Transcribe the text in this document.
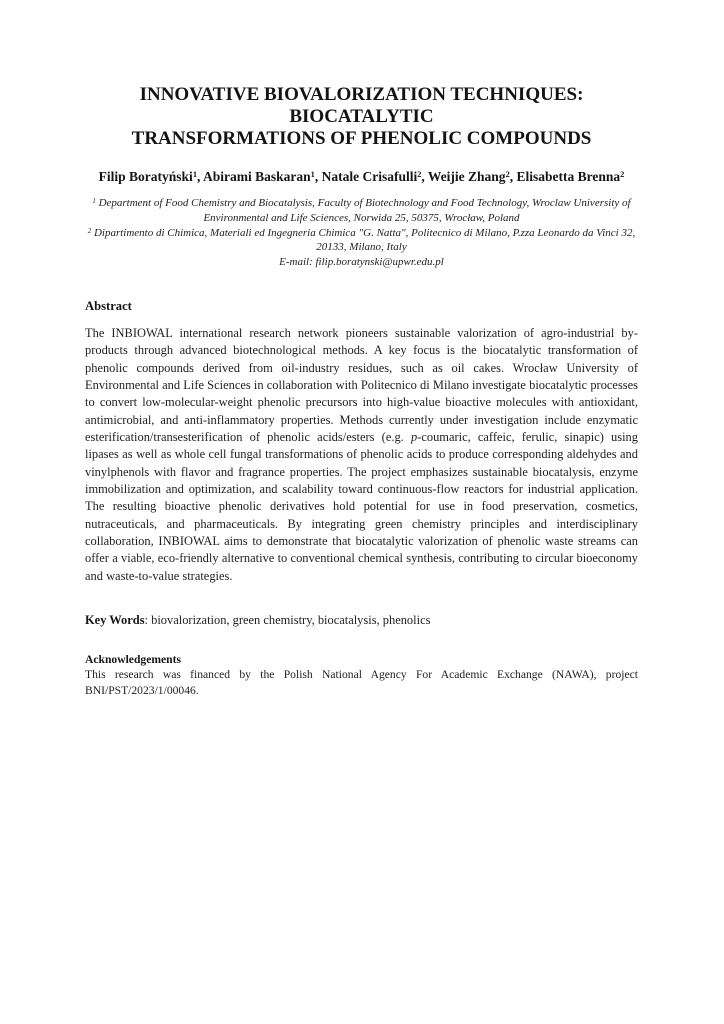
INNOVATIVE BIOVALORIZATION TECHNIQUES: BIOCATALYTIC
TRANSFORMATIONS OF PHENOLIC COMPOUNDS

Filip Boratyński$^1$, Abirami Baskaran$^1$, Natale Crisafulli$^2$, Weijie Zhang$^2$, Elisabetta Brenna$^2$

$^1$ Department of Food Chemistry and Biocatalysis, Faculty of Biotechnology and Food Technology, Wroclaw University of Environmental and Life Sciences, Norwida 25, 50375, Wrocław, Poland

$^2$ Dipartimento di Chimica, Materiali ed Ingegneria Chimica "G. Natta", Politecnico di Milano, P.zza Leonardo da Vinci 32, 20133, Milano, Italy

E-mail: filip.boratynski@upwr.edu.pl

Abstract

The INBIOWAL international research network pioneers sustainable valorization of agro-industrial by-products through advanced biotechnological methods. A key focus is the biocatalytic transformation of phenolic compounds derived from oil-industry residues, such as oil cakes. Wrocław University of Environmental and Life Sciences in collaboration with Politecnico di Milano investigate biocatalytic processes to convert low-molecular-weight phenolic precursors into high-value bioactive molecules with antioxidant, antimicrobial, and anti-inflammatory properties. Methods currently under investigation include enzymatic esterification/transesterification of phenolic acids/esters (e.g. p-coumaric, caffeic, ferulic, sinapic) using lipases as well as whole cell fungal transformations of phenolic acids to produce corresponding aldehydes and vinylphenols with flavor and fragrance properties. The project emphasizes sustainable biocatalysis, enzyme immobilization and optimization, and scalability toward continuous-flow reactors for industrial application. The resulting bioactive phenolic derivatives hold potential for use in food preservation, cosmetics, nutraceuticals, and pharmaceuticals. By integrating green chemistry principles and interdisciplinary collaboration, INBIOWAL aims to demonstrate that biocatalytic valorization of phenolic waste streams can offer a viable, eco-friendly alternative to conventional chemical synthesis, contributing to circular bioeconomy and waste-to-value strategies.

Key Words: biovalorization, green chemistry, biocatalysis, phenolics

Acknowledgements

This research was financed by the Polish National Agency For Academic Exchange (NAWA), project BNI/PST/2023/1/00046.
